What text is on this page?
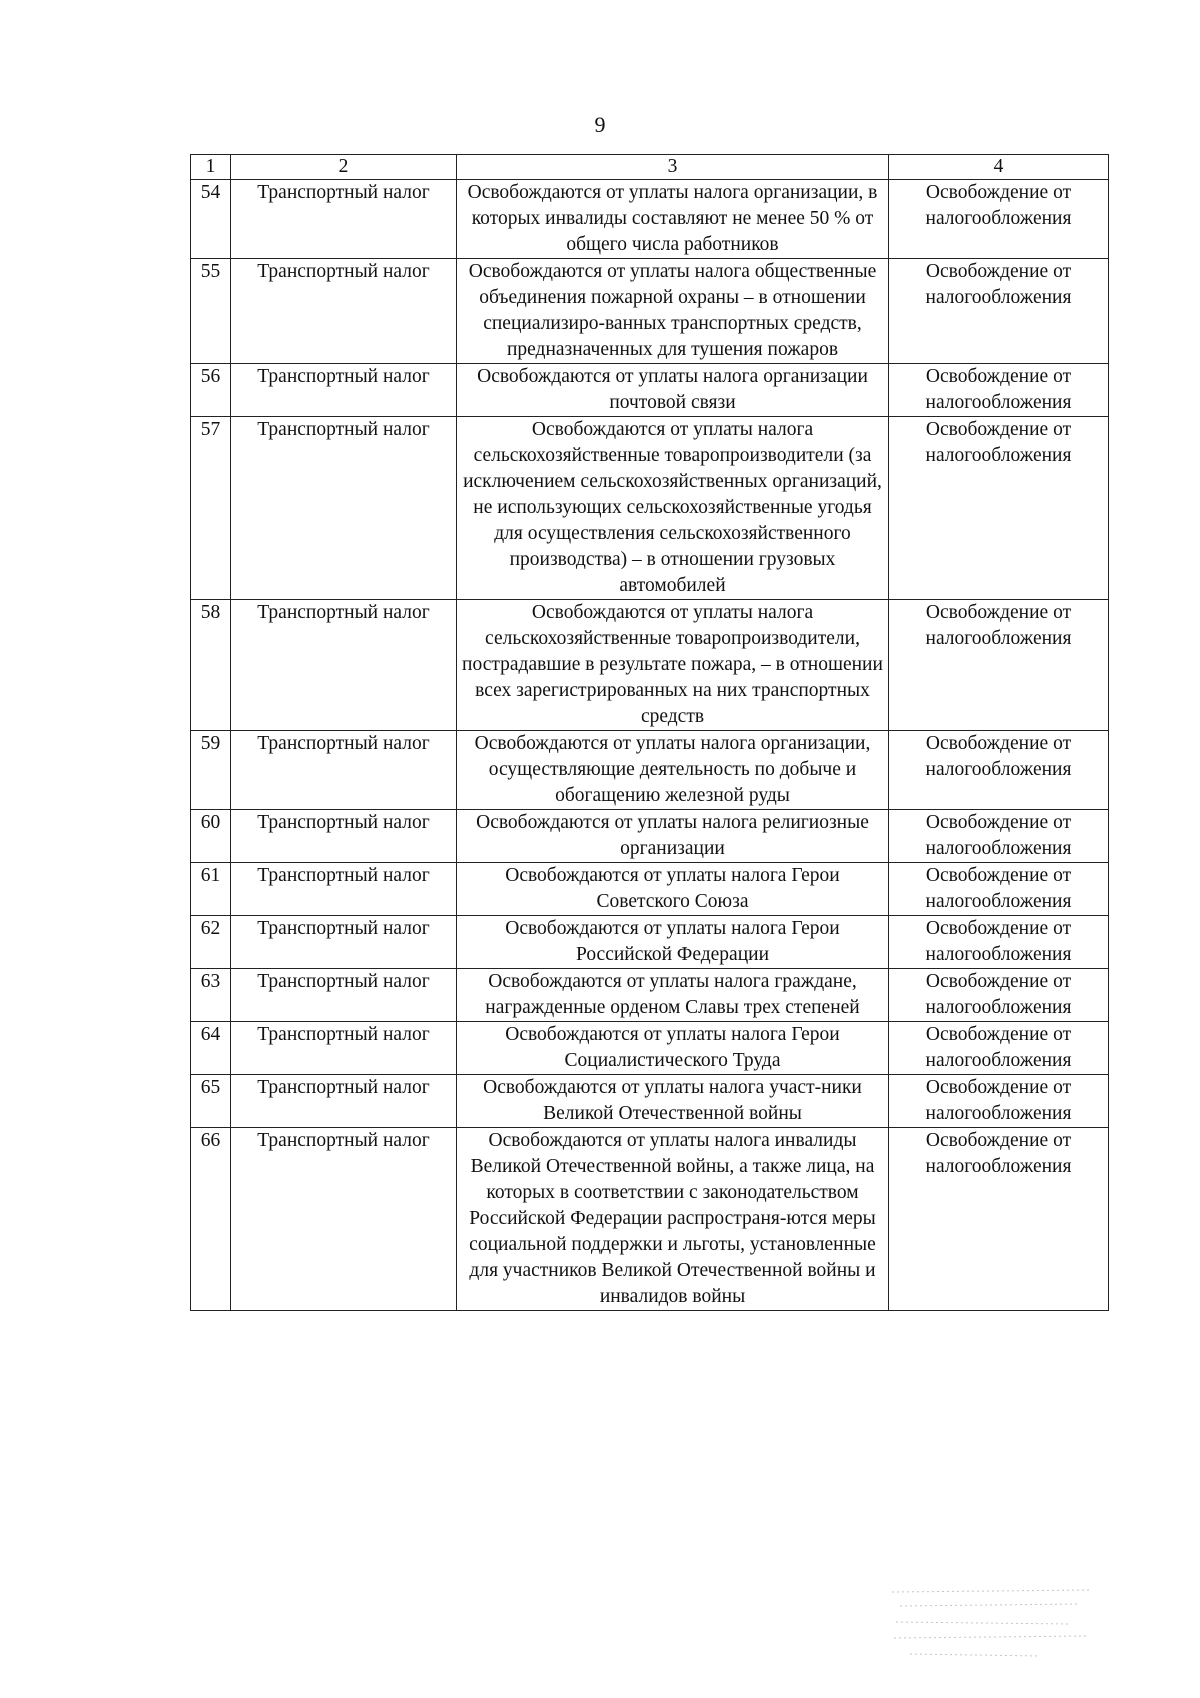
9
1	2	3	4
54	Транспортный налог	Освобождаются от уплаты налога организации, в которых инвалиды составляют не менее 50 % от общего числа работников	Освобождение от налогообложения
55	Транспортный налог	Освобождаются от уплаты налога общественные объединения пожарной охраны – в отношении специализиро-ванных транспортных средств, предназначенных для тушения пожаров	Освобождение от налогообложения
56	Транспортный налог	Освобождаются от уплаты налога организации почтовой связи	Освобождение от налогообложения
57	Транспортный налог	Освобождаются от уплаты налога сельскохозяйственные товаропроизводители (за исключением сельскохозяйственных организаций, не использующих сельскохозяйственные угодья для осуществления сельскохозяйственного производства) – в отношении грузовых автомобилей	Освобождение от налогообложения
58	Транспортный налог	Освобождаются от уплаты налога сельскохозяйственные товаропроизводители, пострадавшие в результате пожара, – в отношении всех зарегистрированных на них транспортных средств	Освобождение от налогообложения
59	Транспортный налог	Освобождаются от уплаты налога организации, осуществляющие деятельность по добыче и обогащению железной руды	Освобождение от налогообложения
60	Транспортный налог	Освобождаются от уплаты налога религиозные организации	Освобождение от налогообложения
61	Транспортный налог	Освобождаются от уплаты налога Герои Советского Союза	Освобождение от налогообложения
62	Транспортный налог	Освобождаются от уплаты налога Герои Российской Федерации	Освобождение от налогообложения
63	Транспортный налог	Освобождаются от уплаты налога граждане, награжденные орденом Славы трех степеней	Освобождение от налогообложения
64	Транспортный налог	Освобождаются от уплаты налога Герои Социалистического Труда	Освобождение от налогообложения
65	Транспортный налог	Освобождаются от уплаты налога участ-ники Великой Отечественной войны	Освобождение от налогообложения
66	Транспортный налог	Освобождаются от уплаты налога инвалиды Великой Отечественной войны, а также лица, на которых в соответствии с законодательством Российской Федерации распространя-ются меры социальной поддержки и льготы, установленные для участников Великой Отечественной войны и инвалидов войны	Освобождение от налогообложения
